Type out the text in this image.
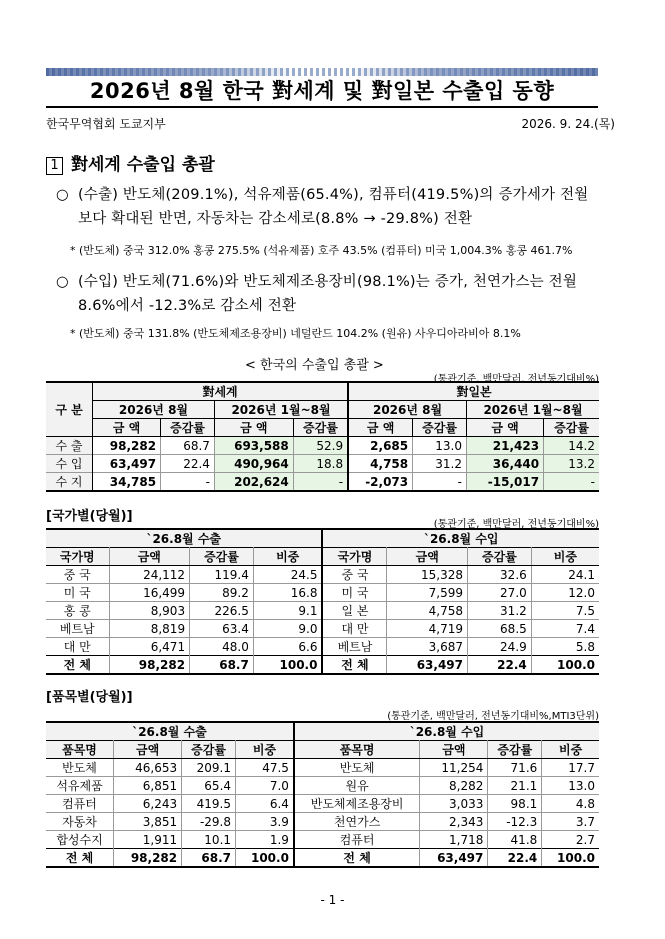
2026년 8월 한국 對세계 및 對일본 수출입 동향
한국무역협회 도쿄지부	2026. 9. 24.(목)
1 對세계 수출입 총괄
○ (수출) 반도체(209.1%), 석유제품(65.4%), 컴퓨터(419.5%)의 증가세가 전월
보다 확대된 반면, 자동차는 감소세로(8.8% → -29.8%) 전환
* (반도체) 중국 312.0% 홍콩 275.5% (석유제품) 호주 43.5% (컴퓨터) 미국 1,004.3% 홍콩 461.7%
○ (수입) 반도체(71.6%)와 반도체제조용장비(98.1%)는 증가, 천연가스는 전월
8.6%에서 -12.3%로 감소세 전환
* (반도체) 중국 131.8% (반도체제조용장비) 네덜란드 104.2% (원유) 사우디아라비아 8.1%
< 한국의 수출입 총괄 >
(통관기준, 백만달러, 전년동기대비%)
구 분	對세계				對일본			
	2026년 8월		2026년 1월~8월		2026년 8월		2026년 1월~8월	
	금 액	증감률	금 액	증감률	금 액	증감률	금 액	증감률
수 출	98,282	68.7	693,588	52.9	2,685	13.0	21,423	14.2
수 입	63,497	22.4	490,964	18.8	4,758	31.2	36,440	13.2
수 지	34,785	-	202,624	-	-2,073	-	-15,017	-
[국가별(당월)]
(통관기준, 백만달러, 전년동기대비%)
`26.8월 수출				`26.8월 수입			
국가명	금액	증감률	비중	국가명	금액	증감률	비중
중 국	24,112	119.4	24.5	중 국	15,328	32.6	24.1
미 국	16,499	89.2	16.8	미 국	7,599	27.0	12.0
홍 콩	8,903	226.5	9.1	일 본	4,758	31.2	7.5
베트남	8,819	63.4	9.0	대 만	4,719	68.5	7.4
대 만	6,471	48.0	6.6	베트남	3,687	24.9	5.8
전 체	98,282	68.7	100.0	전 체	63,497	22.4	100.0
[품목별(당월)]
(통관기준, 백만달러, 전년동기대비%,MTI3단위)
`26.8월 수출				`26.8월 수입			
품목명	금액	증감률	비중	품목명	금액	증감률	비중
반도체	46,653	209.1	47.5	반도체	11,254	71.6	17.7
석유제품	6,851	65.4	7.0	원유	8,282	21.1	13.0
컴퓨터	6,243	419.5	6.4	반도체제조용장비	3,033	98.1	4.8
자동차	3,851	-29.8	3.9	천연가스	2,343	-12.3	3.7
합성수지	1,911	10.1	1.9	컴퓨터	1,718	41.8	2.7
전 체	98,282	68.7	100.0	전 체	63,497	22.4	100.0
- 1 -
